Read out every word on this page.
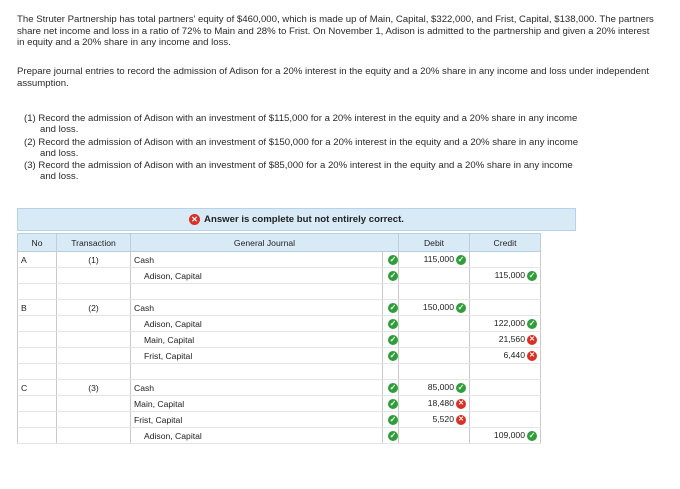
The Struter Partnership has total partners' equity of $460,000, which is made up of Main, Capital, $322,000, and Frist, Capital, $138,000. The partners share net income and loss in a ratio of 72% to Main and 28% to Frist. On November 1, Adison is admitted to the partnership and given a 20% interest in equity and a 20% share in any income and loss.
Prepare journal entries to record the admission of Adison for a 20% interest in the equity and a 20% share in any income and loss under independent assumption.
(1) Record the admission of Adison with an investment of $115,000 for a 20% interest in the equity and a 20% share in any income
and loss.
(2) Record the admission of Adison with an investment of $150,000 for a 20% interest in the equity and a 20% share in any income
and loss.
(3) Record the admission of Adison with an investment of $85,000 for a 20% interest in the equity and a 20% share in any income
and loss.
✕ Answer is complete but not entirely correct.
No	Transaction	General Journal		Debit	Credit
A	(1)	Cash	✓	115,000 ✓	
		Adison, Capital	✓		115,000 ✓

B	(2)	Cash	✓	150,000 ✓	
		Adison, Capital	✓		122,000 ✓
		Main, Capital	✓		21,560 ✕
		Frist, Capital	✓		6,440 ✕

C	(3)	Cash	✓	85,000 ✓	
		Main, Capital	✓	18,480 ✕	
		Frist, Capital	✓	5,520 ✕	
		Adison, Capital	✓		109,000 ✓
